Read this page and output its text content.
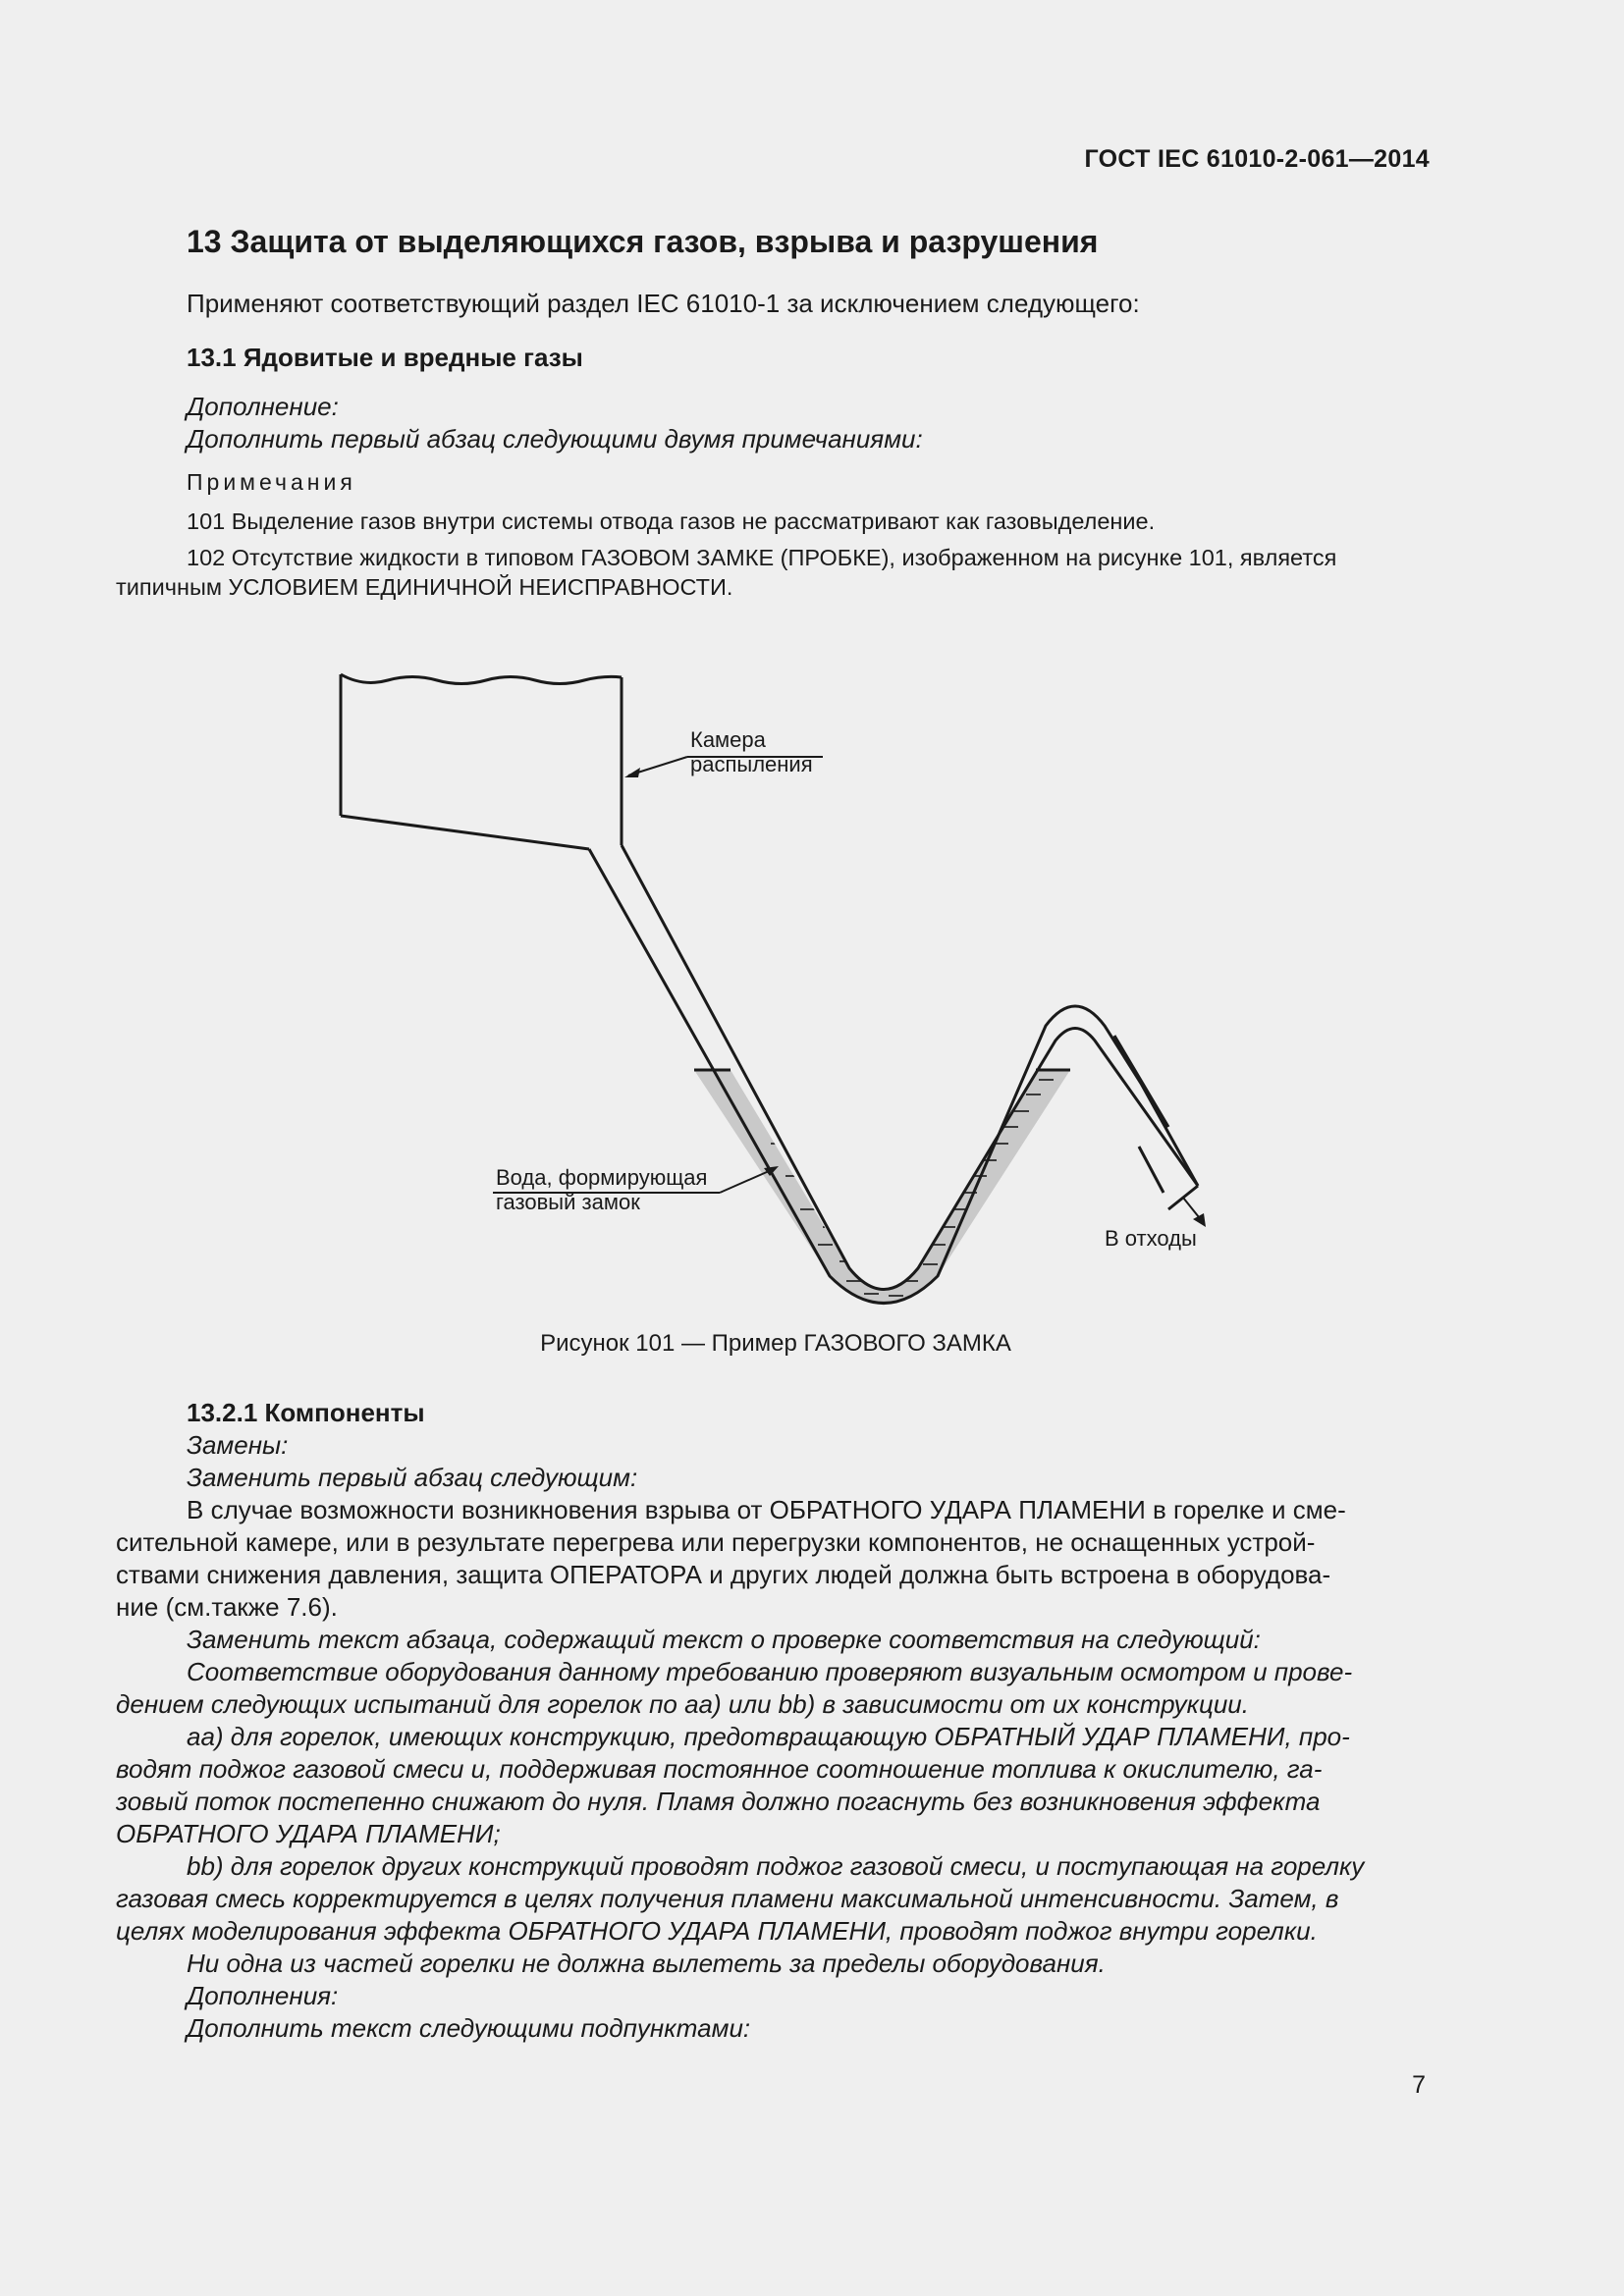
ГОСТ IEC 61010-2-061—2014
13 Защита от выделяющихся газов, взрыва и разрушения
Применяют соответствующий раздел IEC 61010-1 за исключением следующего:
13.1 Ядовитые и вредные газы
Дополнение:
Дополнить первый абзац следующими двумя примечаниями:
Примечания
101 Выделение газов внутри системы отвода газов не рассматривают как газовыделение.
102 Отсутствие жидкости в типовом ГАЗОВОМ ЗАМКЕ (ПРОБКЕ), изображенном на рисунке 101, является
типичным УСЛОВИЕМ ЕДИНИЧНОЙ НЕИСПРАВНОСТИ.
Камера
распыления
Вода, формирующая
газовый замок
В отходы
Рисунок 101 — Пример ГАЗОВОГО ЗАМКА
13.2.1 Компоненты
Замены:
Заменить первый абзац следующим:
В случае возможности возникновения взрыва от ОБРАТНОГО УДАРА ПЛАМЕНИ в горелке и сме-
сительной камере, или в результате перегрева или перегрузки компонентов, не оснащенных устрой-
ствами снижения давления, защита ОПЕРАТОРА и других людей должна быть встроена в оборудова-
ние (см.также 7.6).
Заменить текст абзаца, содержащий текст о проверке соответствия на следующий:
Соответствие оборудования данному требованию проверяют визуальным осмотром и прове-
дением следующих испытаний для горелок по аа) или bb) в зависимости от их конструкции.
аа) для горелок, имеющих конструкцию, предотвращающую ОБРАТНЫЙ УДАР ПЛАМЕНИ, про-
водят поджог газовой смеси и, поддерживая постоянное соотношение топлива к окислителю, га-
зовый поток постепенно снижают до нуля. Пламя должно погаснуть без возникновения эффекта
ОБРАТНОГО УДАРА ПЛАМЕНИ;
bb) для горелок других конструкций проводят поджог газовой смеси, и поступающая на горелку
газовая смесь корректируется в целях получения пламени максимальной интенсивности. Затем, в
целях моделирования эффекта ОБРАТНОГО УДАРА ПЛАМЕНИ, проводят поджог внутри горелки.
Ни одна из частей горелки не должна вылететь за пределы оборудования.
Дополнения:
Дополнить текст следующими подпунктами:
7
